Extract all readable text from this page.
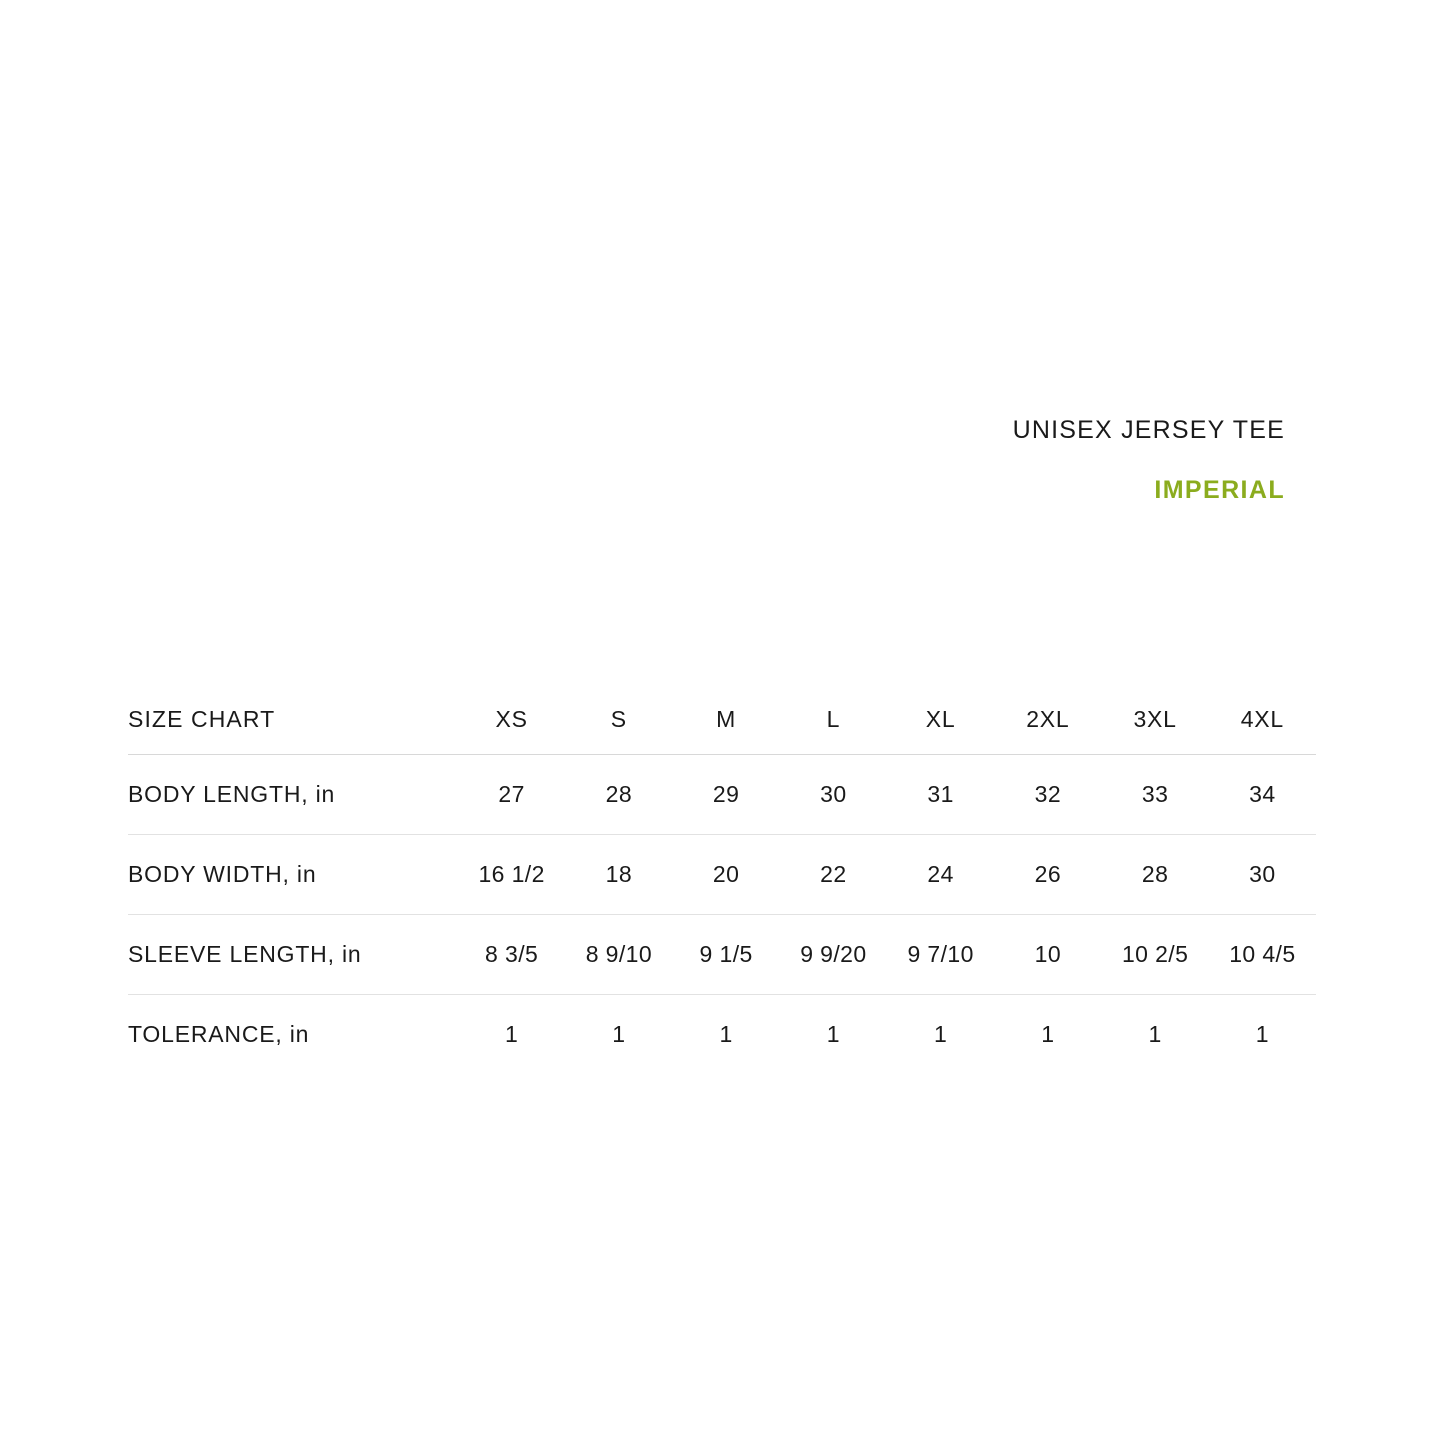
UNISEX JERSEY TEE
IMPERIAL
SIZE CHART	XS	S	M	L	XL	2XL	3XL	4XL
BODY LENGTH, in	27	28	29	30	31	32	33	34
BODY WIDTH, in	16 1/2	18	20	22	24	26	28	30
SLEEVE LENGTH, in	8 3/5	8 9/10	9 1/5	9 9/20	9 7/10	10	10 2/5	10 4/5
TOLERANCE, in	1	1	1	1	1	1	1	1
